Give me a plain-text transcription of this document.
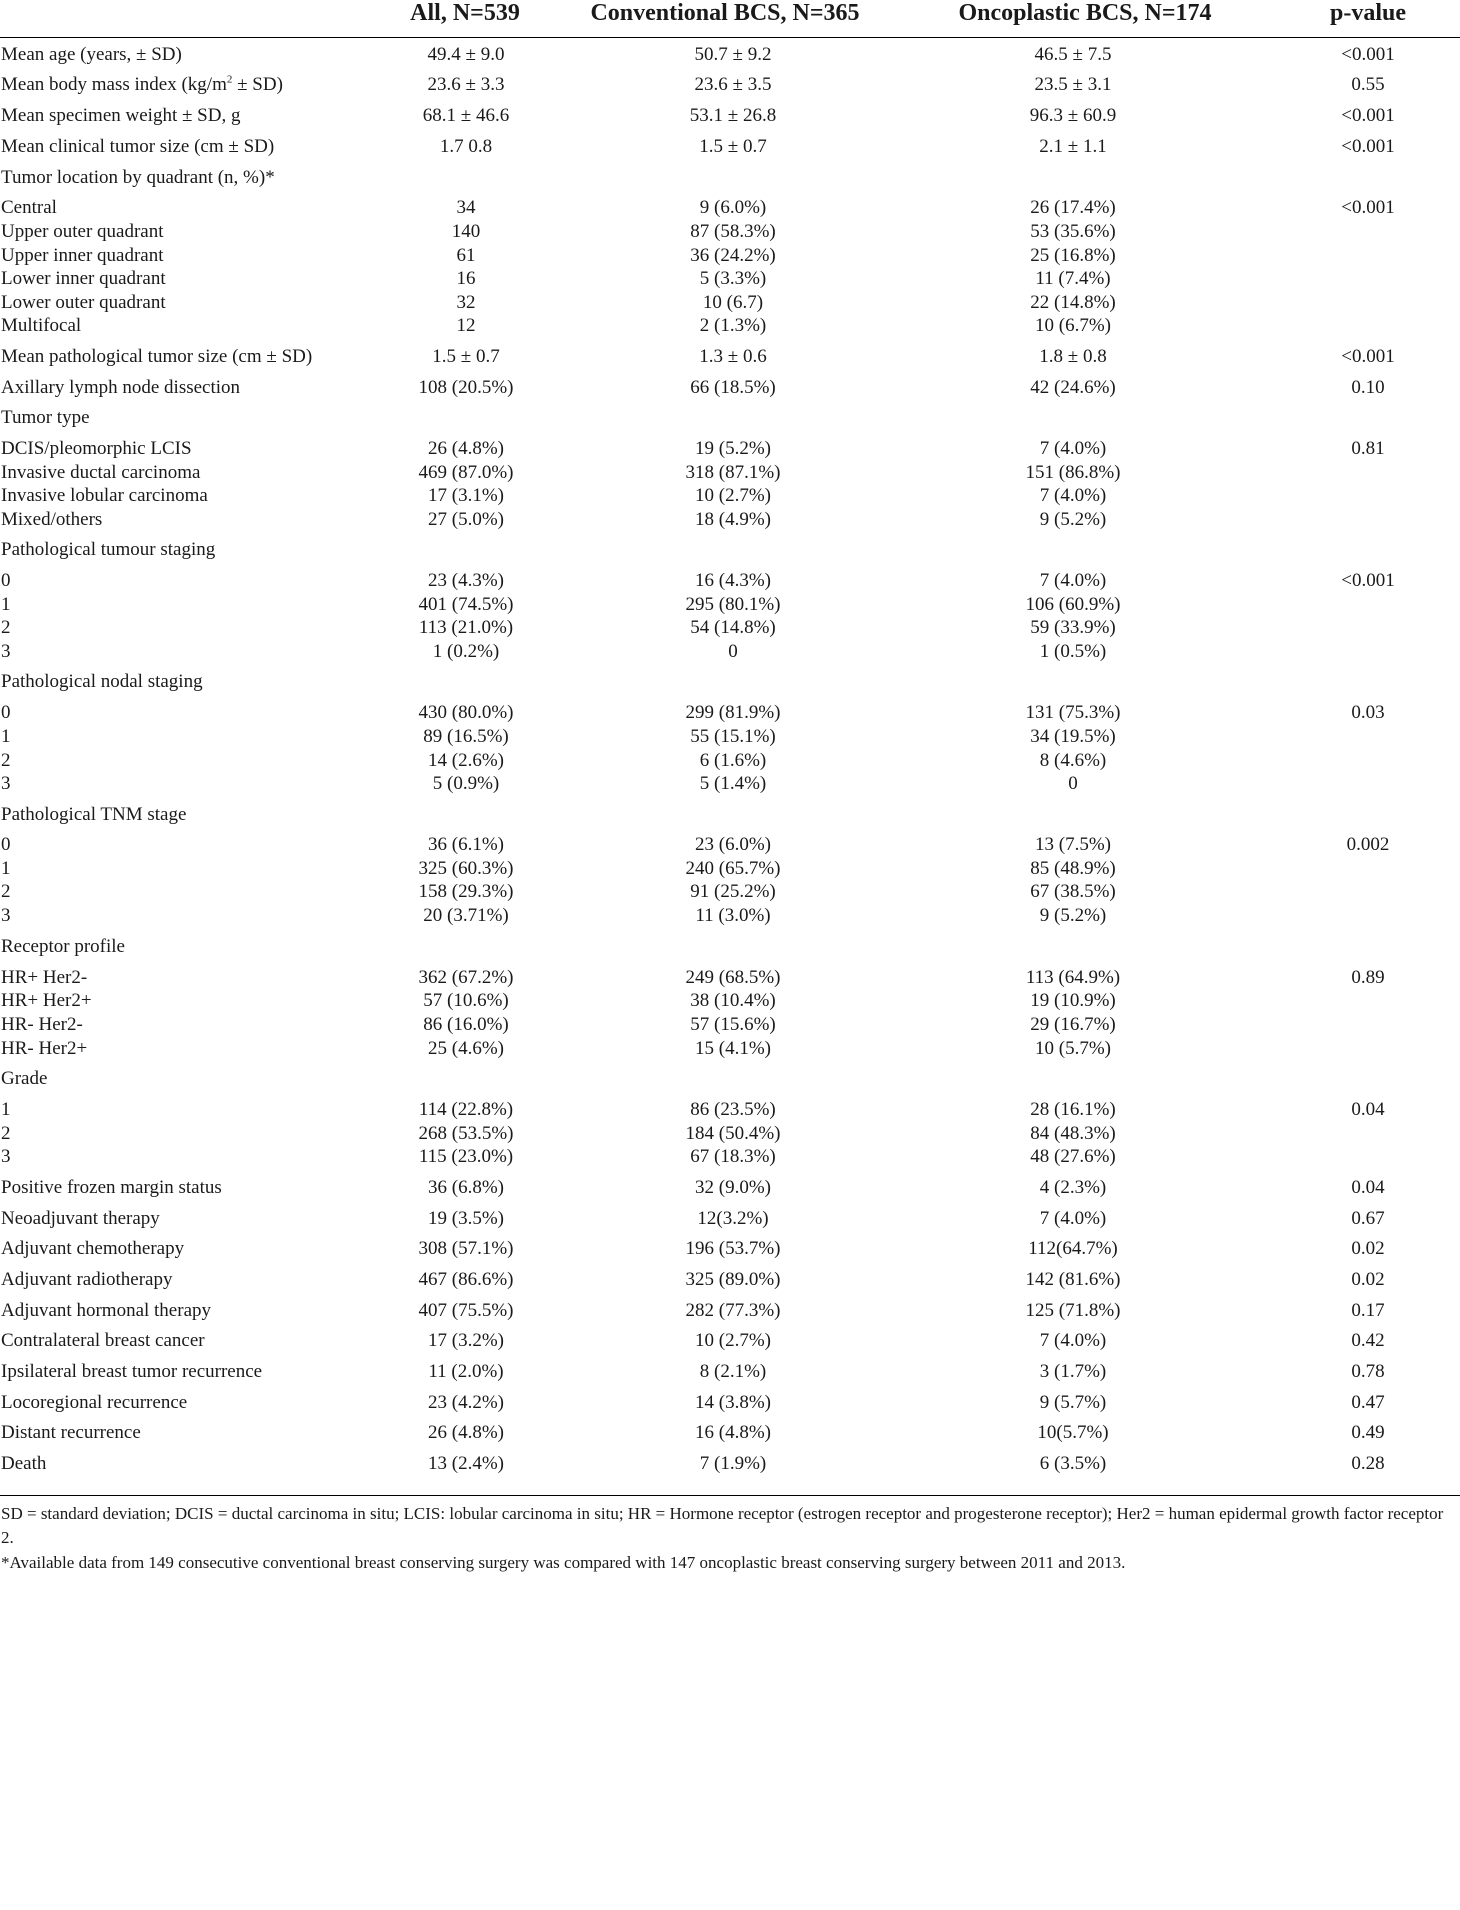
All, N=539	Conventional BCS, N=365	Oncoplastic BCS, N=174	p-value
Mean age (years, ± SD)	49.4 ± 9.0	50.7 ± 9.2	46.5 ± 7.5	<0.001
Mean body mass index $(kg/m^2 \pm SD)$	23.6 ± 3.3	23.6 ± 3.5	23.5 ± 3.1	0.55
Mean specimen weight ± SD, g	68.1 ± 46.6	53.1 ± 26.8	96.3 ± 60.9	<0.001
Mean clinical tumor size (cm ± SD)	1.7 0.8	1.5 ± 0.7	2.1 ± 1.1	<0.001
Tumor location by quadrant (n, %)*
Central	34	9 (6.0%)	26 (17.4%)	<0.001
Upper outer quadrant	140	87 (58.3%)	53 (35.6%)
Upper inner quadrant	61	36 (24.2%)	25 (16.8%)
Lower inner quadrant	16	5 (3.3%)	11 (7.4%)
Lower outer quadrant	32	10 (6.7)	22 (14.8%)
Multifocal	12	2 (1.3%)	10 (6.7%)
Mean pathological tumor size (cm ± SD)	1.5 ± 0.7	1.3 ± 0.6	1.8 ± 0.8	<0.001
Axillary lymph node dissection	108 (20.5%)	66 (18.5%)	42 (24.6%)	0.10
Tumor type
DCIS/pleomorphic LCIS	26 (4.8%)	19 (5.2%)	7 (4.0%)	0.81
Invasive ductal carcinoma	469 (87.0%)	318 (87.1%)	151 (86.8%)
Invasive lobular carcinoma	17 (3.1%)	10 (2.7%)	7 (4.0%)
Mixed/others	27 (5.0%)	18 (4.9%)	9 (5.2%)
Pathological tumour staging
0	23 (4.3%)	16 (4.3%)	7 (4.0%)	<0.001
1	401 (74.5%)	295 (80.1%)	106 (60.9%)
2	113 (21.0%)	54 (14.8%)	59 (33.9%)
3	1 (0.2%)	0	1 (0.5%)
Pathological nodal staging
0	430 (80.0%)	299 (81.9%)	131 (75.3%)	0.03
1	89 (16.5%)	55 (15.1%)	34 (19.5%)
2	14 (2.6%)	6 (1.6%)	8 (4.6%)
3	5 (0.9%)	5 (1.4%)	0
Pathological TNM stage
0	36 (6.1%)	23 (6.0%)	13 (7.5%)	0.002
1	325 (60.3%)	240 (65.7%)	85 (48.9%)
2	158 (29.3%)	91 (25.2%)	67 (38.5%)
3	20 (3.71%)	11 (3.0%)	9 (5.2%)
Receptor profile
HR+ Her2-	362 (67.2%)	249 (68.5%)	113 (64.9%)	0.89
HR+ Her2+	57 (10.6%)	38 (10.4%)	19 (10.9%)
HR- Her2-	86 (16.0%)	57 (15.6%)	29 (16.7%)
HR- Her2+	25 (4.6%)	15 (4.1%)	10 (5.7%)
Grade
1	114 (22.8%)	86 (23.5%)	28 (16.1%)	0.04
2	268 (53.5%)	184 (50.4%)	84 (48.3%)
3	115 (23.0%)	67 (18.3%)	48 (27.6%)
Positive frozen margin status	36 (6.8%)	32 (9.0%)	4 (2.3%)	0.04
Neoadjuvant therapy	19 (3.5%)	12(3.2%)	7 (4.0%)	0.67
Adjuvant chemotherapy	308 (57.1%)	196 (53.7%)	112(64.7%)	0.02
Adjuvant radiotherapy	467 (86.6%)	325 (89.0%)	142 (81.6%)	0.02
Adjuvant hormonal therapy	407 (75.5%)	282 (77.3%)	125 (71.8%)	0.17
Contralateral breast cancer	17 (3.2%)	10 (2.7%)	7 (4.0%)	0.42
Ipsilateral breast tumor recurrence	11 (2.0%)	8 (2.1%)	3 (1.7%)	0.78
Locoregional recurrence	23 (4.2%)	14 (3.8%)	9 (5.7%)	0.47
Distant recurrence	26 (4.8%)	16 (4.8%)	10(5.7%)	0.49
Death	13 (2.4%)	7 (1.9%)	6 (3.5%)	0.28
SD = standard deviation; DCIS = ductal carcinoma in situ; LCIS: lobular carcinoma in situ; HR = Hormone receptor (estrogen receptor and progesterone receptor); Her2 = human epidermal growth factor receptor 2.
*Available data from 149 consecutive conventional breast conserving surgery was compared with 147 oncoplastic breast conserving surgery between 2011 and 2013.
